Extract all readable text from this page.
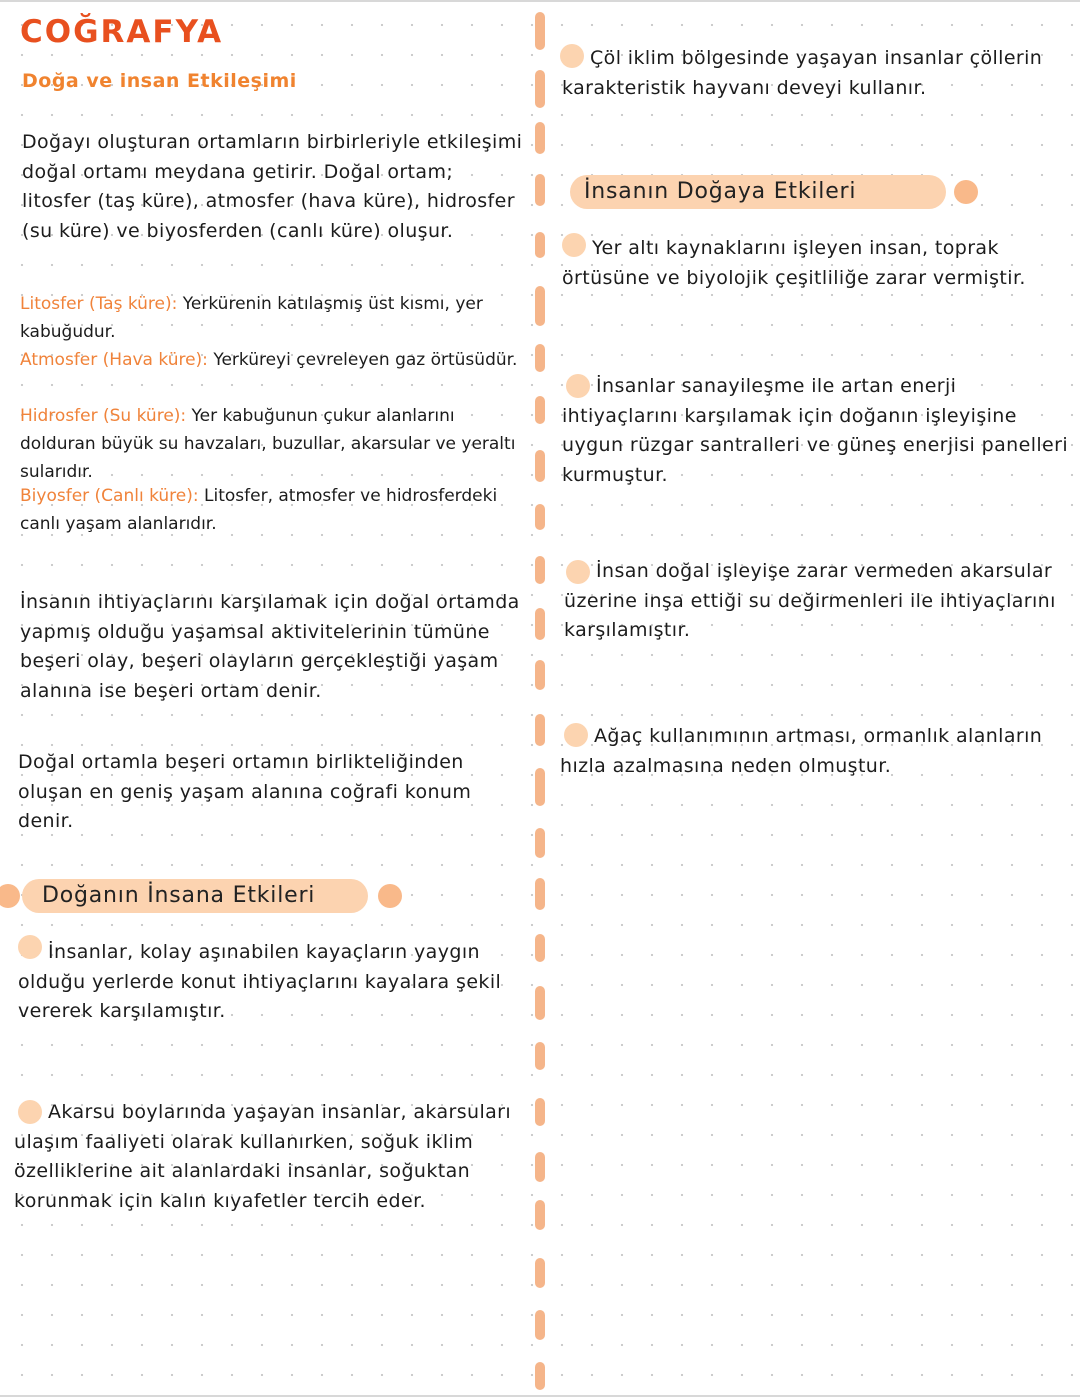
COĞRAFYA
Doğa ve insan Etkileşimi

Doğayı oluşturan ortamların birbirleriyle etkileşimi doğal ortamı meydana getirir. Doğal ortam; litosfer (taş küre), atmosfer (hava küre), hidrosfer (su küre) ve biyosferden (canlı küre) oluşur.

Litosfer (Taş küre): Yerkürenin katılaşmış üst kısmı, yer kabuğudur.

Atmosfer (Hava küre): Yerküreyi çevreleyen gaz örtüsüdür.

Hidrosfer (Su küre): Yer kabuğunun çukur alanlarını dolduran büyük su havzaları, buzullar, akarsular ve yeraltı sularıdır.

Biyosfer (Canlı küre): Litosfer, atmosfer ve hidrosferdeki canlı yaşam alanlarıdır.

İnsanın ihtiyaçlarını karşılamak için doğal ortamda yapmış olduğu yaşamsal aktivitelerinin tümüne beşeri olay, beşeri olayların gerçekleştiği yaşam alanına ise beşeri ortam denir.

Doğal ortamla beşeri ortamın birlikteliğinden oluşan en geniş yaşam alanına coğrafi konum denir.

Doğanın İnsana Etkileri

İnsanlar, kolay aşınabilen kayaçların yaygın olduğu yerlerde konut ihtiyaçlarını kayalara şekil vererek karşılamıştır.

Akarsu boylarında yaşayan insanlar, akarsuları ulaşım faaliyeti olarak kullanırken, soğuk iklim özelliklerine ait alanlardaki insanlar, soğuktan korunmak için kalın kıyafetler tercih eder.

Çöl iklim bölgesinde yaşayan insanlar çöllerin karakteristik hayvanı deveyi kullanır.

İnsanın Doğaya Etkileri

Yer altı kaynaklarını işleyen insan, toprak örtüsüne ve biyolojik çeşitliliğe zarar vermiştir.

İnsanlar sanayileşme ile artan enerji ihtiyaçlarını karşılamak için doğanın işleyişine uygun rüzgar santralleri ve güneş enerjisi panelleri kurmuştur.

İnsan doğal işleyişe zarar vermeden akarsular üzerine inşa ettiği su değirmenleri ile ihtiyaçlarını karşılamıştır.

Ağaç kullanımının artması, ormanlık alanların hızla azalmasına neden olmuştur.
